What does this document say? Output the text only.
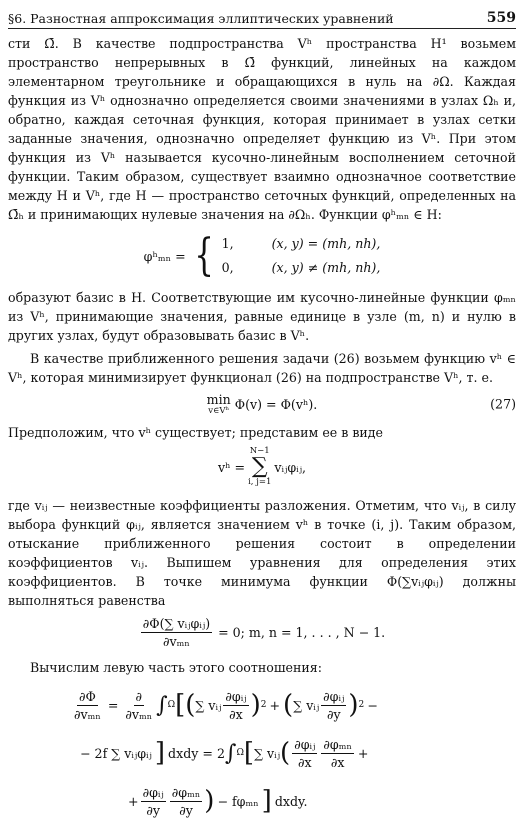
§6. Разностная аппроксимация эллиптических уравнений	559

сти Ω̄. В качестве подпространства Vʰ пространства H¹ возьмем пространство непрерывных в Ω̄ функций, линейных на каждом элементарном треугольнике и обращающихся в нуль на ∂Ω. Каждая функция из Vʰ однозначно определяется своими значениями в узлах Ωₕ и, обратно, каждая сеточная функция, которая принимает в узлах сетки заданные значения, однозначно определяет функцию из Vʰ. При этом функция из Vʰ называется кусочно-линейным восполнением сеточной функции. Таким образом, существует взаимно однозначное соответствие между H и Vʰ, где H — пространство сеточных функций, определенных на Ω̄ₕ и принимающих нулевые значения на ∂Ωₕ. Функции φʰₘₙ ∈ H:

φʰₘₙ = { 1,	(x, y) = (mh, nh),
0,	(x, y) ≠ (mh, nh),

образуют базис в H. Соответствующие им кусочно-линейные функции φₘₙ из Vʰ, принимающие значения, равные единице в узле (m, n) и нулю в других узлах, будут образовывать базис в Vʰ.

В качестве приближенного решения задачи (26) возьмем функцию vʰ ∈ Vʰ, которая минимизирует функционал (26) на подпространстве Vʰ, т. е.

min
v∈Vʰ Φ(v) = Φ(vʰ).	(27)

Предположим, что vʰ существует; представим ее в виде

vʰ =
N−1
∑
i, j=1
vᵢⱼφᵢⱼ,

где vᵢⱼ — неизвестные коэффициенты разложения. Отметим, что vᵢⱼ, в силу выбора функций φᵢⱼ, является значением vʰ в точке (i, j). Таким образом, отыскание приближенного решения состоит в определении коэффициентов vᵢⱼ. Выпишем уравнения для определения этих коэффициентов. В точке минимума функции Φ(∑vᵢⱼφᵢⱼ) должны выполняться равенства

$\frac{\text{∂Φ(∑ vᵢⱼφᵢⱼ)}}{\text{∂vₘₙ}} = 0$; m, n = 1, . . . , N − 1.

Вычислим левую часть этого соотношения:

$\frac{\partial\Phi}{\text{∂vₘₙ}} = \frac{\partial}{\text{∂vₘₙ}}$ ∫ Ω [( ∑ vᵢⱼ $\frac{\text{∂φᵢⱼ}}{\partial x}$ ) 2 + ( ∑ vᵢⱼ $\frac{\text{∂φᵢⱼ}}{\partial y}$ ) 2 −
− 2f ∑ vᵢⱼφᵢⱼ ] dxdy = 2 ∫ Ω [ ∑ vᵢⱼ ( $\frac{\text{∂φᵢⱼ}}{\partial x} \frac{\text{∂φₘₙ}}{\partial x}$ +
+ $\frac{\text{∂φᵢⱼ}}{\partial y} \frac{\text{∂φₘₙ}}{\partial y}$ ) − fφₘₙ ] dxdy.
